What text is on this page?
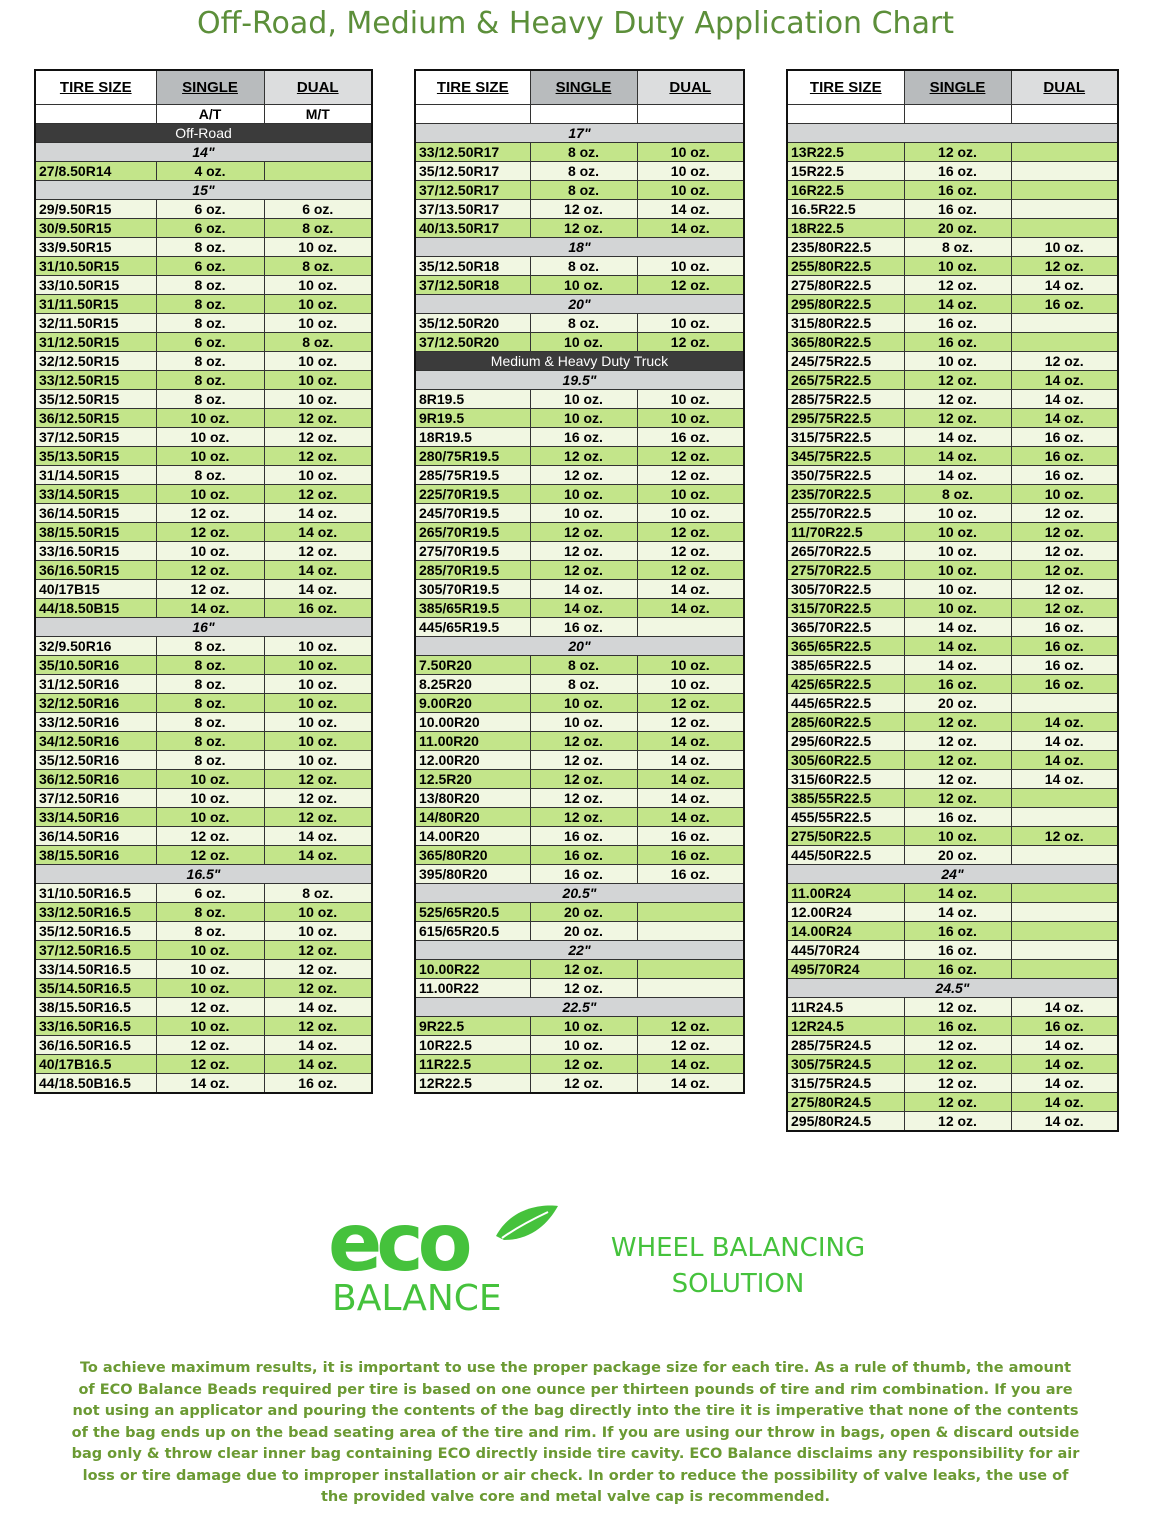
Off-Road, Medium & Heavy Duty Application Chart
TIRE SIZE	SINGLE	DUAL
	A/T	M/T
Off-Road		
14"		
27/8.50R14	4 oz.	
15"		
29/9.50R15	6 oz.	6 oz.
30/9.50R15	6 oz.	8 oz.
33/9.50R15	8 oz.	10 oz.
31/10.50R15	6 oz.	8 oz.
33/10.50R15	8 oz.	10 oz.
31/11.50R15	8 oz.	10 oz.
32/11.50R15	8 oz.	10 oz.
31/12.50R15	6 oz.	8 oz.
32/12.50R15	8 oz.	10 oz.
33/12.50R15	8 oz.	10 oz.
35/12.50R15	8 oz.	10 oz.
36/12.50R15	10 oz.	12 oz.
37/12.50R15	10 oz.	12 oz.
35/13.50R15	10 oz.	12 oz.
31/14.50R15	8 oz.	10 oz.
33/14.50R15	10 oz.	12 oz.
36/14.50R15	12 oz.	14 oz.
38/15.50R15	12 oz.	14 oz.
33/16.50R15	10 oz.	12 oz.
36/16.50R15	12 oz.	14 oz.
40/17B15	12 oz.	14 oz.
44/18.50B15	14 oz.	16 oz.
16"		
32/9.50R16	8 oz.	10 oz.
35/10.50R16	8 oz.	10 oz.
31/12.50R16	8 oz.	10 oz.
32/12.50R16	8 oz.	10 oz.
33/12.50R16	8 oz.	10 oz.
34/12.50R16	8 oz.	10 oz.
35/12.50R16	8 oz.	10 oz.
36/12.50R16	10 oz.	12 oz.
37/12.50R16	10 oz.	12 oz.
33/14.50R16	10 oz.	12 oz.
36/14.50R16	12 oz.	14 oz.
38/15.50R16	12 oz.	14 oz.
16.5"		
31/10.50R16.5	6 oz.	8 oz.
33/12.50R16.5	8 oz.	10 oz.
35/12.50R16.5	8 oz.	10 oz.
37/12.50R16.5	10 oz.	12 oz.
33/14.50R16.5	10 oz.	12 oz.
35/14.50R16.5	10 oz.	12 oz.
38/15.50R16.5	12 oz.	14 oz.
33/16.50R16.5	10 oz.	12 oz.
36/16.50R16.5	12 oz.	14 oz.
40/17B16.5	12 oz.	14 oz.
44/18.50B16.5	14 oz.	16 oz.
TIRE SIZE	SINGLE	DUAL

17"		
33/12.50R17	8 oz.	10 oz.
35/12.50R17	8 oz.	10 oz.
37/12.50R17	8 oz.	10 oz.
37/13.50R17	12 oz.	14 oz.
40/13.50R17	12 oz.	14 oz.
18"		
35/12.50R18	8 oz.	10 oz.
37/12.50R18	10 oz.	12 oz.
20"		
35/12.50R20	8 oz.	10 oz.
37/12.50R20	10 oz.	12 oz.
Medium & Heavy Duty Truck		
19.5"		
8R19.5	10 oz.	10 oz.
9R19.5	10 oz.	10 oz.
18R19.5	16 oz.	16 oz.
280/75R19.5	12 oz.	12 oz.
285/75R19.5	12 oz.	12 oz.
225/70R19.5	10 oz.	10 oz.
245/70R19.5	10 oz.	10 oz.
265/70R19.5	12 oz.	12 oz.
275/70R19.5	12 oz.	12 oz.
285/70R19.5	12 oz.	12 oz.
305/70R19.5	14 oz.	14 oz.
385/65R19.5	14 oz.	14 oz.
445/65R19.5	16 oz.	
20"		
7.50R20	8 oz.	10 oz.
8.25R20	8 oz.	10 oz.
9.00R20	10 oz.	12 oz.
10.00R20	10 oz.	12 oz.
11.00R20	12 oz.	14 oz.
12.00R20	12 oz.	14 oz.
12.5R20	12 oz.	14 oz.
13/80R20	12 oz.	14 oz.
14/80R20	12 oz.	14 oz.
14.00R20	16 oz.	16 oz.
365/80R20	16 oz.	16 oz.
395/80R20	16 oz.	16 oz.
20.5"		
525/65R20.5	20 oz.	
615/65R20.5	20 oz.	
22"		
10.00R22	12 oz.	
11.00R22	12 oz.	
22.5"		
9R22.5	10 oz.	12 oz.
10R22.5	10 oz.	12 oz.
11R22.5	12 oz.	14 oz.
12R22.5	12 oz.	14 oz.
TIRE SIZE	SINGLE	DUAL

13R22.5	12 oz.	
15R22.5	16 oz.	
16R22.5	16 oz.	
16.5R22.5	16 oz.	
18R22.5	20 oz.	
235/80R22.5	8 oz.	10 oz.
255/80R22.5	10 oz.	12 oz.
275/80R22.5	12 oz.	14 oz.
295/80R22.5	14 oz.	16 oz.
315/80R22.5	16 oz.	
365/80R22.5	16 oz.	
245/75R22.5	10 oz.	12 oz.
265/75R22.5	12 oz.	14 oz.
285/75R22.5	12 oz.	14 oz.
295/75R22.5	12 oz.	14 oz.
315/75R22.5	14 oz.	16 oz.
345/75R22.5	14 oz.	16 oz.
350/75R22.5	14 oz.	16 oz.
235/70R22.5	8 oz.	10 oz.
255/70R22.5	10 oz.	12 oz.
11/70R22.5	10 oz.	12 oz.
265/70R22.5	10 oz.	12 oz.
275/70R22.5	10 oz.	12 oz.
305/70R22.5	10 oz.	12 oz.
315/70R22.5	10 oz.	12 oz.
365/70R22.5	14 oz.	16 oz.
365/65R22.5	14 oz.	16 oz.
385/65R22.5	14 oz.	16 oz.
425/65R22.5	16 oz.	16 oz.
445/65R22.5	20 oz.	
285/60R22.5	12 oz.	14 oz.
295/60R22.5	12 oz.	14 oz.
305/60R22.5	12 oz.	14 oz.
315/60R22.5	12 oz.	14 oz.
385/55R22.5	12 oz.	
455/55R22.5	16 oz.	
275/50R22.5	10 oz.	12 oz.
445/50R22.5	20 oz.	
24"		
11.00R24	14 oz.	
12.00R24	14 oz.	
14.00R24	16 oz.	
445/70R24	16 oz.	
495/70R24	16 oz.	
24.5"		
11R24.5	12 oz.	14 oz.
12R24.5	16 oz.	16 oz.
285/75R24.5	12 oz.	14 oz.
305/75R24.5	12 oz.	14 oz.
315/75R24.5	12 oz.	14 oz.
275/80R24.5	12 oz.	14 oz.
295/80R24.5	12 oz.	14 oz.
eco
BALANCE
WHEEL BALANCING
SOLUTION
To achieve maximum results, it is important to use the proper package size for each tire. As a rule of thumb, the amount of ECO Balance Beads required per tire is based on one ounce per thirteen pounds of tire and rim combination. If you are not using an applicator and pouring the contents of the bag directly into the tire it is imperative that none of the contents of the bag ends up on the bead seating area of the tire and rim. If you are using our throw in bags, open & discard outside bag only & throw clear inner bag containing ECO directly inside tire cavity. ECO Balance disclaims any responsibility for air loss or tire damage due to improper installation or air check. In order to reduce the possibility of valve leaks, the use of the provided valve core and metal valve cap is recommended.
